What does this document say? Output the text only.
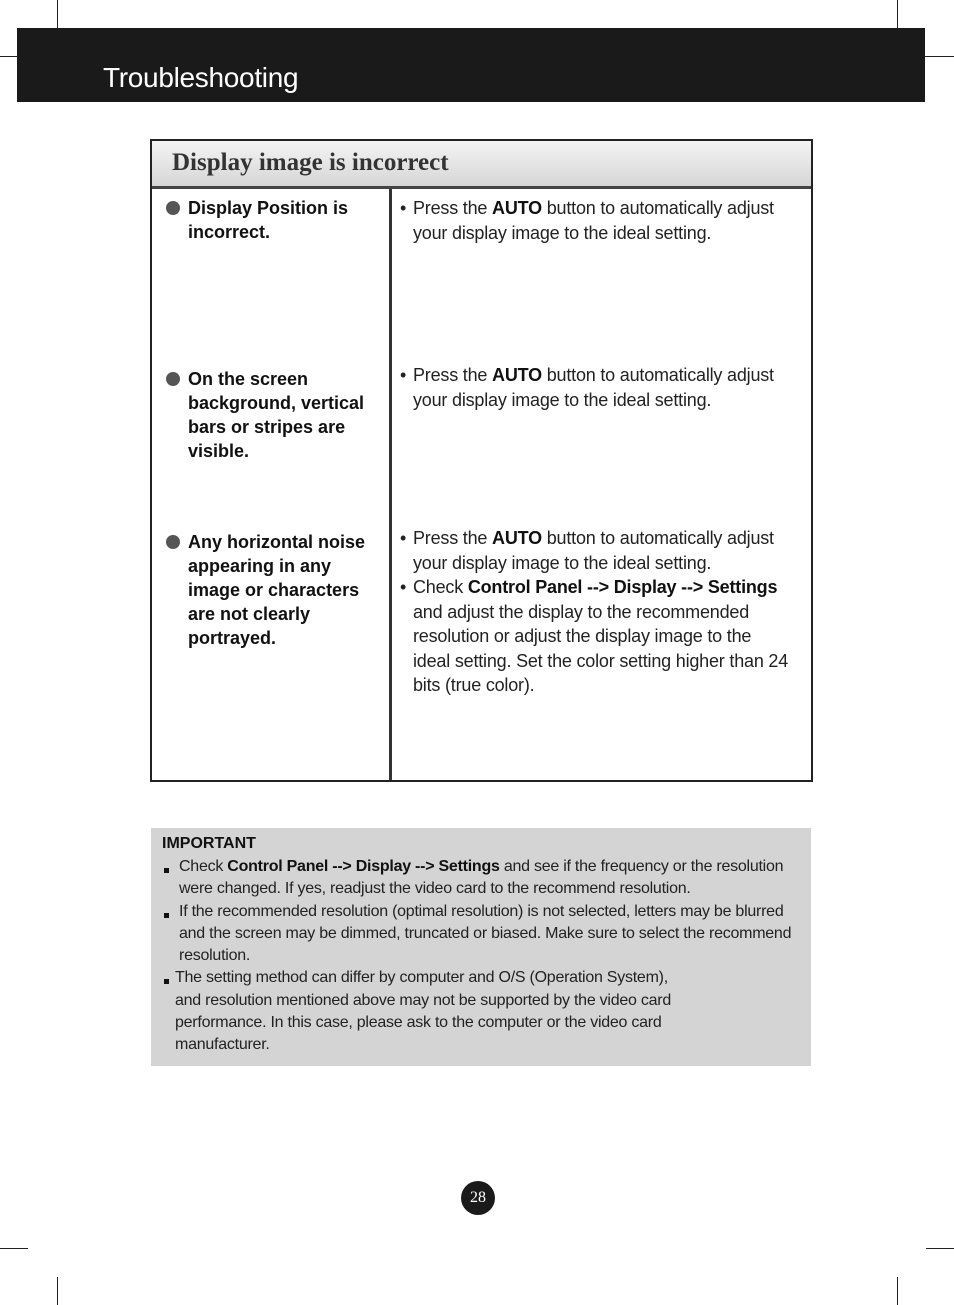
Troubleshooting
Display image is incorrect
Display Position is incorrect.
• Press the AUTO button to automatically adjust your display image to the ideal setting.
On the screen background, vertical bars or stripes are visible.
• Press the AUTO button to automatically adjust your display image to the ideal setting.
Any horizontal noise appearing in any image or characters are not clearly portrayed.
• Press the AUTO button to automatically adjust your display image to the ideal setting.
• Check Control Panel --> Display --> Settings and adjust the display to the recommended resolution or adjust the display image to the ideal setting. Set the color setting higher than 24 bits (true color).
IMPORTANT
Check Control Panel --> Display --> Settings and see if the frequency or the resolution were changed. If yes, readjust the video card to the recommend resolution.
If the recommended resolution (optimal resolution) is not selected, letters may be blurred and the screen may be dimmed, truncated or biased. Make sure to select the recommend resolution.
The setting method can differ by computer and O/S (Operation System), and resolution mentioned above may not be supported by the video card performance. In this case, please ask to the computer or the video card manufacturer.
28
